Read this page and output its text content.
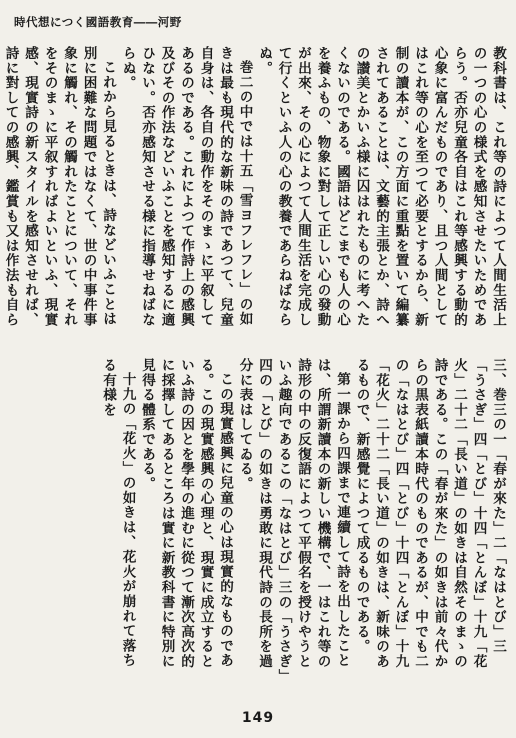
時代想につく國語教育――河野

教科書は、これ等の詩によつて人間生活上の一つの心の様式を感知させたいためであらう。否亦兒童各自はこれ等感興する動的心象に富んだものであり、且つ人間としてはこれ等の心を至つて必要とするから、新制の讀本が、この方面に重點を置いて編纂されてあることは、文藝的主張とか、詩への讃美とかいふ様に囚はれたものに考へたくないのである。國語はどこまでも人の心を養ふもの、物象に對して正しい心の發動が出來、その心によつて人間生活を完成して行くといふ人の心の教養であらねばならぬ。

巻二の中では十五「雪ヨフレフレ」の如きは最も現代的な新味の詩であつて、兒童自身は、各自の動作をそのまゝに平叙してあるのである。これによつて作詩上の感興及びその作法などいふことを感知するに適ひない。否亦感知させる様に指導せねばならぬ。

これから見るときは、詩などいふことは別に困難な問題ではなくて、世の中事件事象に觸れ、その觸れたことについて、それをそのまゝに平叙すればよいといふ、現實感、現實詩の新スタイルを感知させれば、詩に對しての感興、鑑賞も又は作法も自ら

三、巻三の一「春が來た」二「なはとび」三「うさぎ」四「とび」十四「とんぼ」十九「花火」二十二「長い道」の如きは自然そのまゝの詩である。この「春が來た」の如きは前々代からの黒表紙讀本時代のものであるが、中でも二の「なはとび」四「とび」十四「とんぼ」十九「花火」二十二「長い道」の如きは、新味のあるもので、新感覺によつて成るものである。

第一課から四課まで連續して詩を出したことは、所謂新讀本の新しい機構で、一はこれ等の詩形の中の反復語によつて平假名を授けやうといふ趣向であるこの「なはとび」三の「うさぎ」四の「とび」の如きは勇敢に現代詩の長所を過分に表はしてゐる。

この現實感興に兒童の心は現實的なものである。この現實感興の心理と、現實に成立するといふ詩の因とを學年の進むに從つて漸次高次的に採擇してあるところは實に新教科書に特別に見得る體系である。

十九の「花火」の如きは、花火が崩れて落ちる有様を

149
